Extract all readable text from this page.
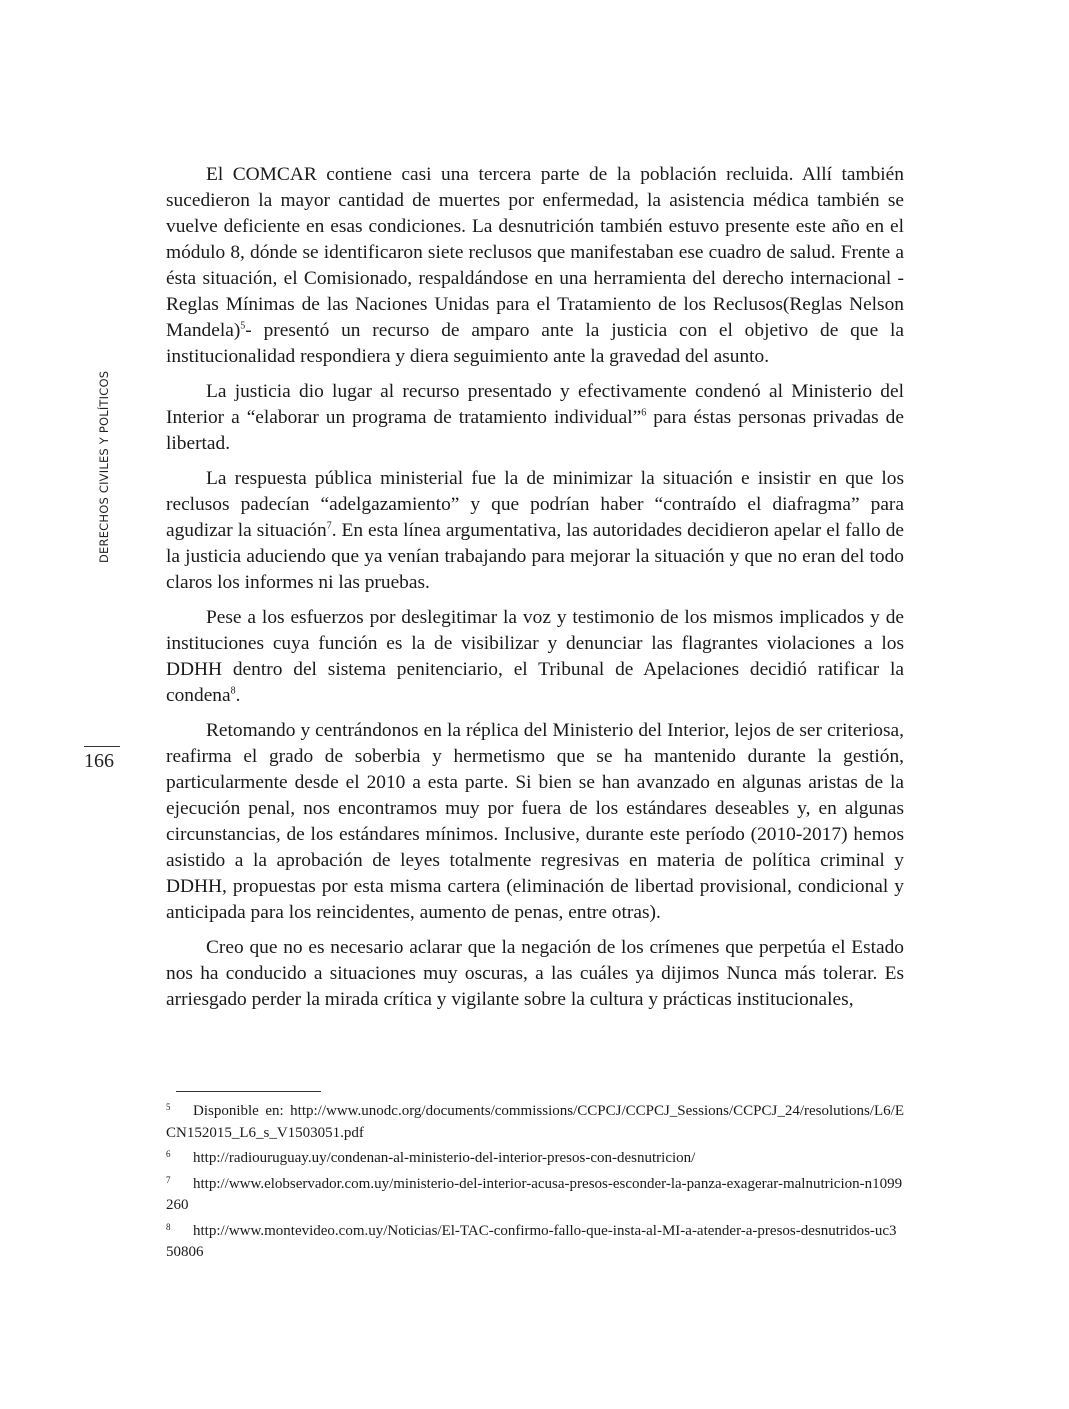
DERECHOS CIVILES Y POLÍTICOS
166

El COMCAR contiene casi una tercera parte de la población recluida. Allí también sucedieron la mayor cantidad de muertes por enfermedad, la asistencia médica también se vuelve deficiente en esas condiciones. La desnutrición también estuvo presente este año en el módulo 8, dónde se identificaron siete reclusos que manifestaban ese cuadro de salud. Frente a ésta situación, el Comisionado, respaldándose en una herramienta del derecho internacional - Reglas Mínimas de las Naciones Unidas para el Tratamiento de los Reclusos(Reglas Nelson Mandela)$^5$- presentó un recurso de amparo ante la justicia con el objetivo de que la institucionalidad respondiera y diera seguimiento ante la gravedad del asunto.

La justicia dio lugar al recurso presentado y efectivamente condenó al Ministerio del Interior a “elaborar un programa de tratamiento individual”$^6$ para éstas personas privadas de libertad.

La respuesta pública ministerial fue la de minimizar la situación e insistir en que los reclusos padecían “adelgazamiento” y que podrían haber “contraído el diafragma” para agudizar la situación$^7$. En esta línea argumentativa, las autoridades decidieron apelar el fallo de la justicia aduciendo que ya venían trabajando para mejorar la situación y que no eran del todo claros los informes ni las pruebas.

Pese a los esfuerzos por deslegitimar la voz y testimonio de los mismos implicados y de instituciones cuya función es la de visibilizar y denunciar las flagrantes violaciones a los DDHH dentro del sistema penitenciario, el Tribunal de Apelaciones decidió ratificar la condena$^8$.

Retomando y centrándonos en la réplica del Ministerio del Interior, lejos de ser criteriosa, reafirma el grado de soberbia y hermetismo que se ha mantenido durante la gestión, particularmente desde el 2010 a esta parte. Si bien se han avanzado en algunas aristas de la ejecución penal, nos encontramos muy por fuera de los estándares deseables y, en algunas circunstancias, de los estándares mínimos. Inclusive, durante este período (2010-2017) hemos asistido a la aprobación de leyes totalmente regresivas en materia de política criminal y DDHH, propuestas por esta misma cartera (eliminación de libertad provisional, condicional y anticipada para los reincidentes, aumento de penas, entre otras).

Creo que no es necesario aclarar que la negación de los crímenes que perpetúa el Estado nos ha conducido a situaciones muy oscuras, a las cuáles ya dijimos Nunca más tolerar. Es arriesgado perder la mirada crítica y vigilante sobre la cultura y prácticas institucionales,

5 Disponible en: http://www.unodc.org/documents/commissions/CCPCJ/CCPCJ_Sessions/CCPCJ_24/resolutions/L6/ECN152015_L6_s_V1503051.pdf

6 http://radiouruguay.uy/condenan-al-ministerio-del-interior-presos-con-desnutricion/

7 http://www.elobservador.com.uy/ministerio-del-interior-acusa-presos-esconder-la-panza-exagerar-malnutricion-n1099260

8 http://www.montevideo.com.uy/Noticias/El-TAC-confirmo-fallo-que-insta-al-MI-a-atender-a-presos-desnutridos-uc350806
